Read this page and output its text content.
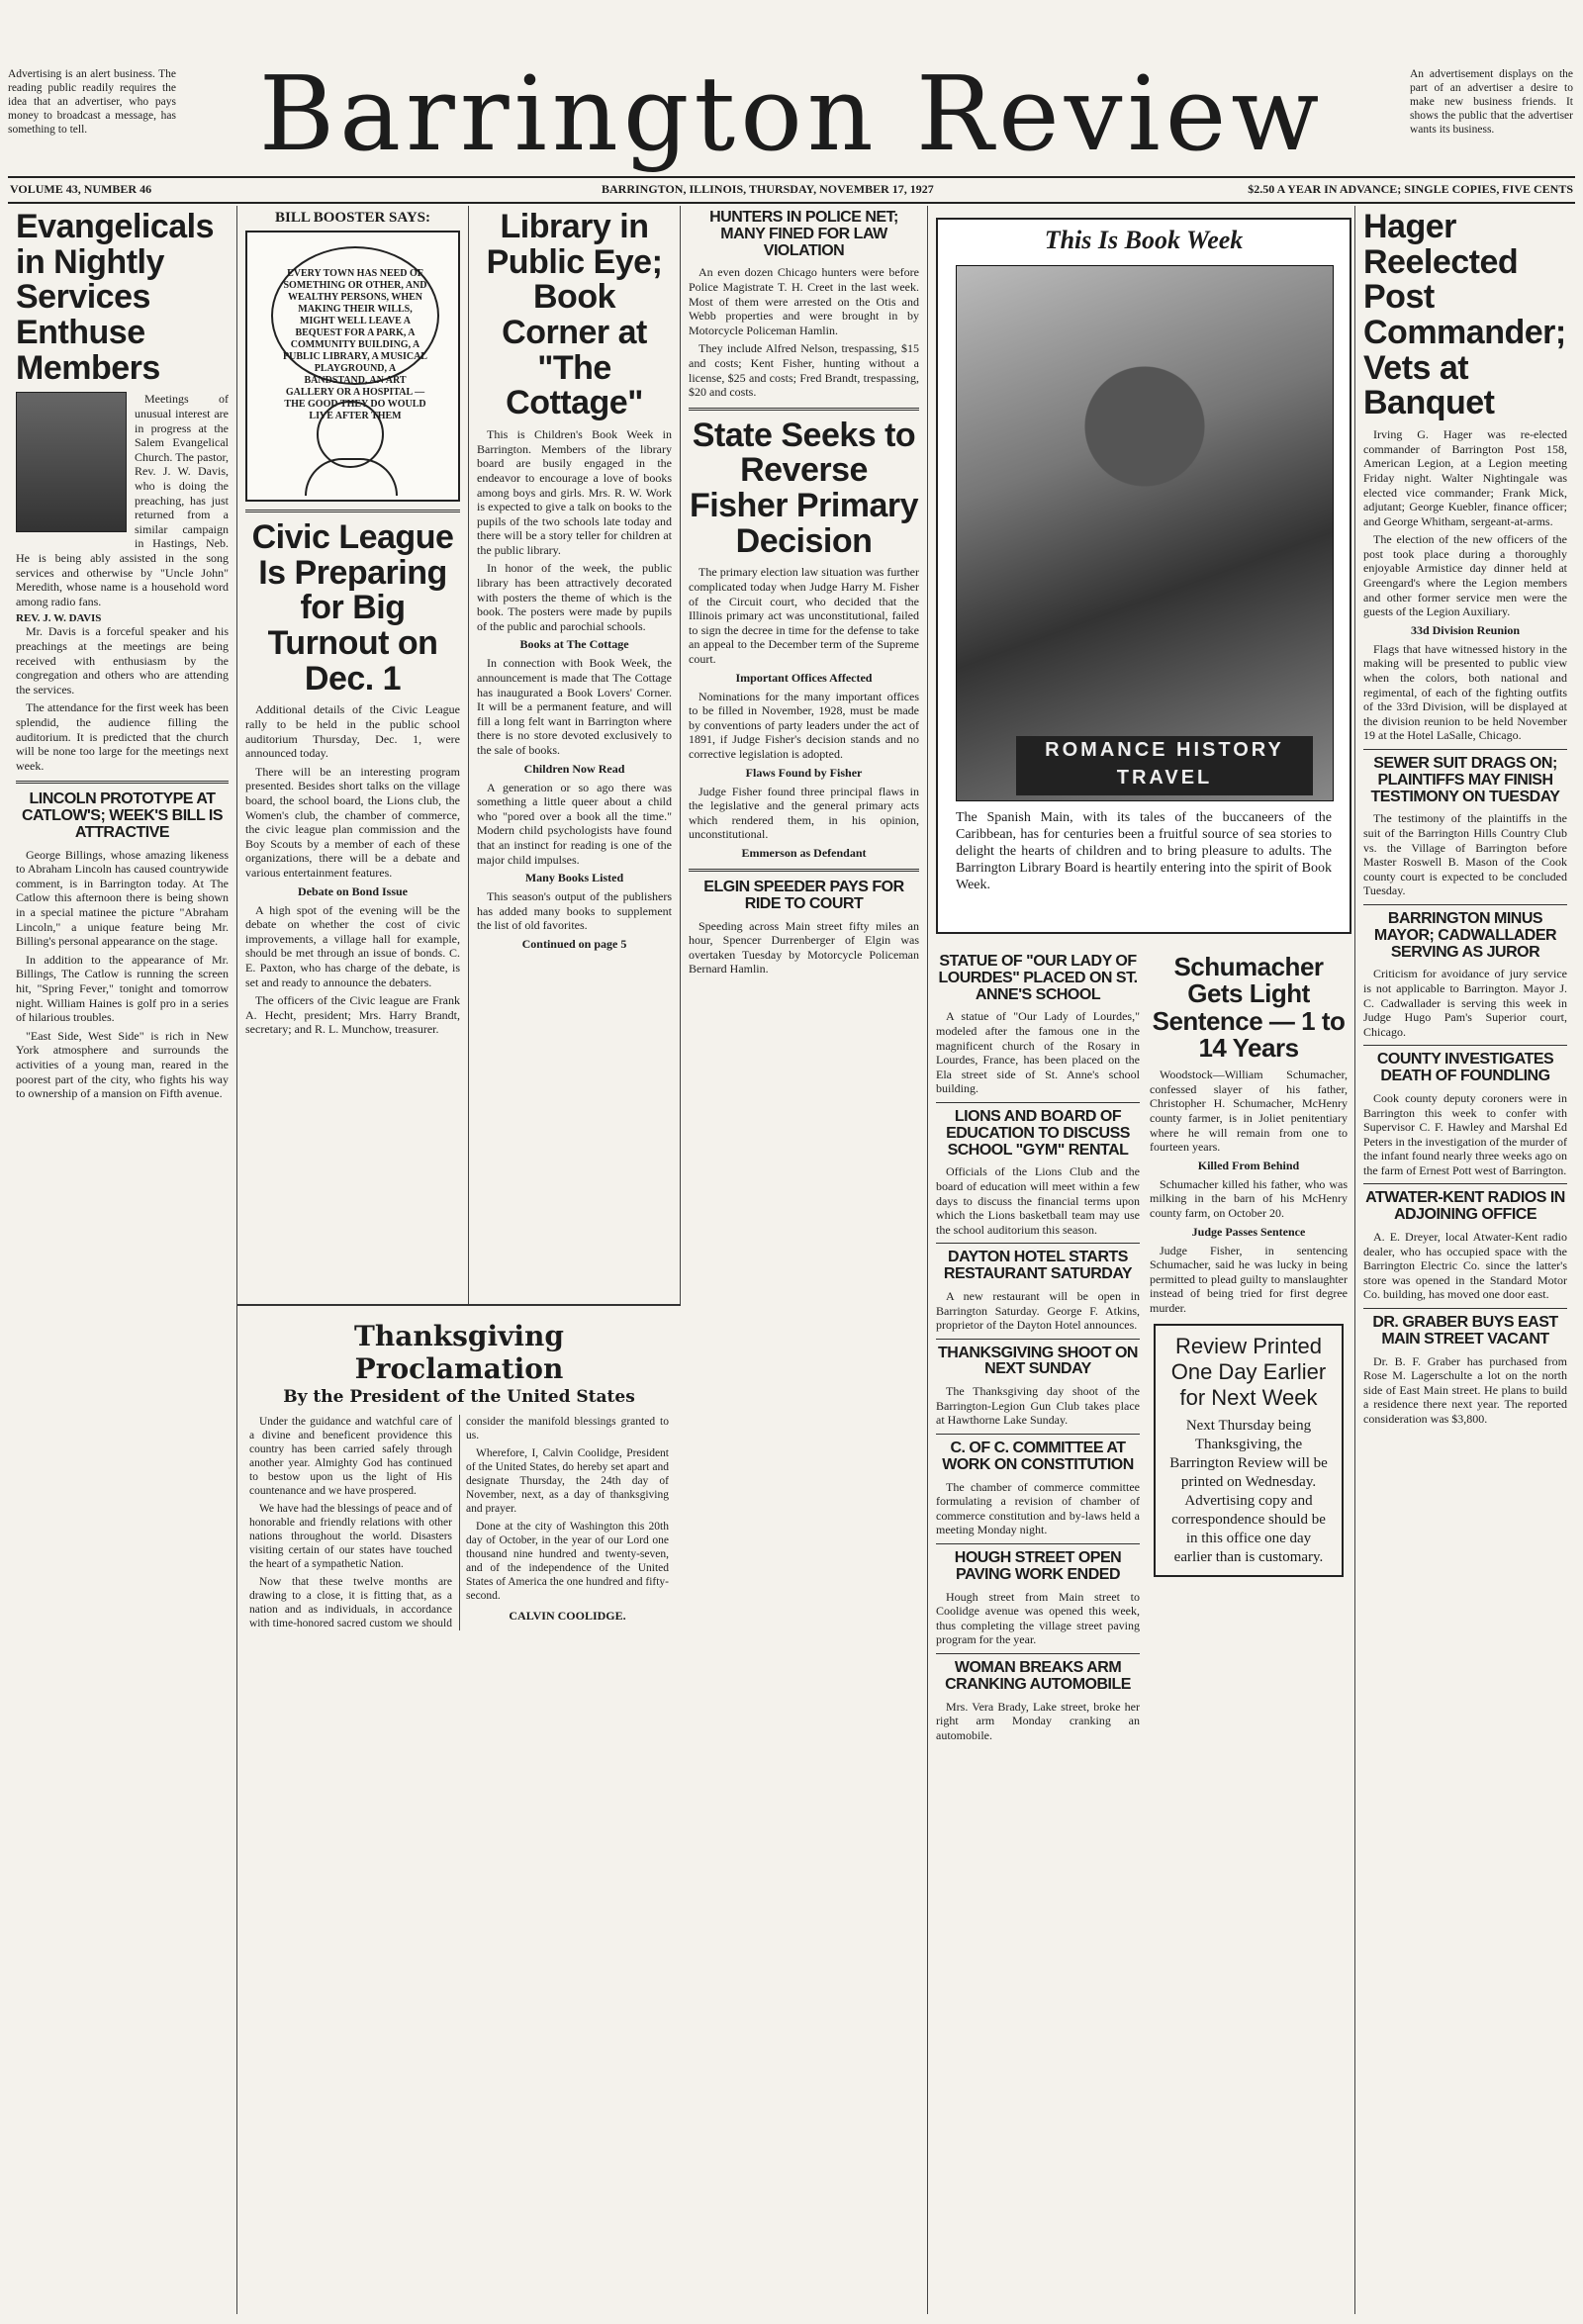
Advertising is an alert business. The reading public readily requires the idea that an advertiser, who pays money to broadcast a message, has something to tell.	Barrington Review	An advertisement displays on the part of an advertiser a desire to make new business friends. It shows the public that the advertiser wants its business.
VOLUME 43, NUMBER 46	BARRINGTON, ILLINOIS, THURSDAY, NOVEMBER 17, 1927	$2.50 A YEAR IN ADVANCE; SINGLE COPIES, FIVE CENTS
Evangelicals in Nightly Services Enthuse Members

Meetings of unusual interest are in progress at the Salem Evangelical Church. The pastor, Rev. J. W. Davis, who is doing the preaching, has just returned from a similar campaign in Hastings, Neb. He is being ably assisted in the song services and otherwise by "Uncle John" Meredith, whose name is a household word among radio fans.

REV. J. W. DAVIS

Mr. Davis is a forceful speaker and his preachings at the meetings are being received with enthusiasm by the congregation and others who are attending the services.

The attendance for the first week has been splendid, the audience filling the auditorium. It is predicted that the church will be none too large for the meetings next week.

LINCOLN PROTOTYPE AT CATLOW'S; WEEK'S BILL IS ATTRACTIVE

George Billings, whose amazing likeness to Abraham Lincoln has caused countrywide comment, is in Barrington today. At The Catlow this afternoon there is being shown in a special matinee the picture "Abraham Lincoln," a unique feature being Mr. Billing's personal appearance on the stage.

In addition to the appearance of Mr. Billings, The Catlow is running the screen hit, "Spring Fever," tonight and tomorrow night. William Haines is golf pro in a series of hilarious troubles.

"East Side, West Side" is rich in New York atmosphere and surrounds the activities of a young man, reared in the poorest part of the city, who fights his way to ownership of a mansion on Fifth avenue.

BILL BOOSTER SAYS:
EVERY TOWN HAS NEED OF SOMETHING OR OTHER, AND WEALTHY PERSONS, WHEN MAKING THEIR WILLS, MIGHT WELL LEAVE A BEQUEST FOR A PARK, A COMMUNITY BUILDING, A PUBLIC LIBRARY, A MUSICAL PLAYGROUND, A BANDSTAND, AN ART GALLERY OR A HOSPITAL — THE GOOD THEY DO WOULD LIVE AFTER THEM
Civic League Is Preparing for Big Turnout on Dec. 1

Additional details of the Civic League rally to be held in the public school auditorium Thursday, Dec. 1, were announced today.

There will be an interesting program presented. Besides short talks on the village board, the school board, the Lions club, the Women's club, the chamber of commerce, the civic league plan commission and the Boy Scouts by a member of each of these organizations, there will be a debate and various entertainment features.

Debate on Bond Issue

A high spot of the evening will be the debate on whether the cost of civic improvements, a village hall for example, should be met through an issue of bonds. C. E. Paxton, who has charge of the debate, is set and ready to announce the debaters.

The officers of the Civic league are Frank A. Hecht, president; Mrs. Harry Brandt, secretary; and R. L. Munchow, treasurer.

Library in Public Eye; Book Corner at "The Cottage"

This is Children's Book Week in Barrington. Members of the library board are busily engaged in the endeavor to encourage a love of books among boys and girls. Mrs. R. W. Work is expected to give a talk on books to the pupils of the two schools late today and there will be a story teller for children at the public library.

In honor of the week, the public library has been attractively decorated with posters the theme of which is the book. The posters were made by pupils of the public and parochial schools.

Books at The Cottage

In connection with Book Week, the announcement is made that The Cottage has inaugurated a Book Lovers' Corner. It will be a permanent feature, and will fill a long felt want in Barrington where there is no store devoted exclusively to the sale of books.

Children Now Read

A generation or so ago there was something a little queer about a child who "pored over a book all the time." Modern child psychologists have found that an instinct for reading is one of the major child impulses.

Many Books Listed

This season's output of the publishers has added many books to supplement the list of old favorites.

Continued on page 5
Thanksgiving Proclamation
By the President of the United States

Under the guidance and watchful care of a divine and beneficent providence this country has been carried safely through another year. Almighty God has continued to bestow upon us the light of His countenance and we have prospered.

We have had the blessings of peace and of honorable and friendly relations with other nations throughout the world. Disasters visiting certain of our states have touched the heart of a sympathetic Nation.

Now that these twelve months are drawing to a close, it is fitting that, as a nation and as individuals, in accordance with time-honored sacred custom we should consider the manifold blessings granted to us.

Wherefore, I, Calvin Coolidge, President of the United States, do hereby set apart and designate Thursday, the 24th day of November, next, as a day of thanksgiving and prayer.

Done at the city of Washington this 20th day of October, in the year of our Lord one thousand nine hundred and twenty-seven, and of the independence of the United States of America the one hundred and fifty-second.

CALVIN COOLIDGE.
HUNTERS IN POLICE NET; MANY FINED FOR LAW VIOLATION

An even dozen Chicago hunters were before Police Magistrate T. H. Creet in the last week. Most of them were arrested on the Otis and Webb properties and were brought in by Motorcycle Policeman Hamlin.

They include Alfred Nelson, trespassing, $15 and costs; Kent Fisher, hunting without a license, $25 and costs; Fred Brandt, trespassing, $20 and costs.

State Seeks to Reverse Fisher Primary Decision

The primary election law situation was further complicated today when Judge Harry M. Fisher of the Circuit court, who decided that the Illinois primary act was unconstitutional, failed to sign the decree in time for the defense to take an appeal to the December term of the Supreme court.

Important Offices Affected

Nominations for the many important offices to be filled in November, 1928, must be made by conventions of party leaders under the act of 1891, if Judge Fisher's decision stands and no corrective legislation is adopted.

Flaws Found by Fisher

Judge Fisher found three principal flaws in the legislative and the general primary acts which rendered them, in his opinion, unconstitutional.

Emmerson as Defendant
ELGIN SPEEDER PAYS FOR RIDE TO COURT

Speeding across Main street fifty miles an hour, Spencer Durrenberger of Elgin was overtaken Tuesday by Motorcycle Policeman Bernard Hamlin.

This Is Book Week
ROMANCE HISTORY TRAVEL
The Spanish Main, with its tales of the buccaneers of the Caribbean, has for centuries been a fruitful source of sea stories to delight the hearts of children and to bring pleasure to adults. The Barrington Library Board is heartily entering into the spirit of Book Week.
STATUE OF "OUR LADY OF LOURDES" PLACED ON ST. ANNE'S SCHOOL

A statue of "Our Lady of Lourdes," modeled after the famous one in the magnificent church of the Rosary in Lourdes, France, has been placed on the Ela street side of St. Anne's school building.

LIONS AND BOARD OF EDUCATION TO DISCUSS SCHOOL "GYM" RENTAL

Officials of the Lions Club and the board of education will meet within a few days to discuss the financial terms upon which the Lions basketball team may use the school auditorium this season.

DAYTON HOTEL STARTS RESTAURANT SATURDAY

A new restaurant will be open in Barrington Saturday. George F. Atkins, proprietor of the Dayton Hotel announces.

THANKSGIVING SHOOT ON NEXT SUNDAY

The Thanksgiving day shoot of the Barrington-Legion Gun Club takes place at Hawthorne Lake Sunday.

C. OF C. COMMITTEE AT WORK ON CONSTITUTION

The chamber of commerce committee formulating a revision of chamber of commerce constitution and by-laws held a meeting Monday night.

HOUGH STREET OPEN PAVING WORK ENDED

Hough street from Main street to Coolidge avenue was opened this week, thus completing the village street paving program for the year.

WOMAN BREAKS ARM CRANKING AUTOMOBILE

Mrs. Vera Brady, Lake street, broke her right arm Monday cranking an automobile.

Schumacher Gets Light Sentence — 1 to 14 Years

Woodstock—William Schumacher, confessed slayer of his father, Christopher H. Schumacher, McHenry county farmer, is in Joliet penitentiary where he will remain from one to fourteen years.

Killed From Behind

Schumacher killed his father, who was milking in the barn of his McHenry county farm, on October 20.

Judge Passes Sentence

Judge Fisher, in sentencing Schumacher, said he was lucky in being permitted to plead guilty to manslaughter instead of being tried for first degree murder.

Review Printed One Day Earlier for Next Week
Next Thursday being Thanksgiving, the Barrington Review will be printed on Wednesday. Advertising copy and correspondence should be in this office one day earlier than is customary.
Hager Reelected Post Commander; Vets at Banquet

Irving G. Hager was re-elected commander of Barrington Post 158, American Legion, at a Legion meeting Friday night. Walter Nightingale was elected vice commander; Frank Mick, adjutant; George Kuebler, finance officer; and George Whitham, sergeant-at-arms.

The election of the new officers of the post took place during a thoroughly enjoyable Armistice day dinner held at Greengard's where the Legion members and other former service men were the guests of the Legion Auxiliary.

33d Division Reunion

Flags that have witnessed history in the making will be presented to public view when the colors, both national and regimental, of each of the fighting outfits of the 33rd Division, will be displayed at the division reunion to be held November 19 at the Hotel LaSalle, Chicago.

SEWER SUIT DRAGS ON; PLAINTIFFS MAY FINISH TESTIMONY ON TUESDAY

The testimony of the plaintiffs in the suit of the Barrington Hills Country Club vs. the Village of Barrington before Master Roswell B. Mason of the Cook county court is expected to be concluded Tuesday.

BARRINGTON MINUS MAYOR; CADWALLADER SERVING AS JUROR

Criticism for avoidance of jury service is not applicable to Barrington. Mayor J. C. Cadwallader is serving this week in Judge Hugo Pam's Superior court, Chicago.

COUNTY INVESTIGATES DEATH OF FOUNDLING

Cook county deputy coroners were in Barrington this week to confer with Supervisor C. F. Hawley and Marshal Ed Peters in the investigation of the murder of the infant found nearly three weeks ago on the farm of Ernest Pott west of Barrington.

ATWATER-KENT RADIOS IN ADJOINING OFFICE

A. E. Dreyer, local Atwater-Kent radio dealer, who has occupied space with the Barrington Electric Co. since the latter's store was opened in the Standard Motor Co. building, has moved one door east.

DR. GRABER BUYS EAST MAIN STREET VACANT

Dr. B. F. Graber has purchased from Rose M. Lagerschulte a lot on the north side of East Main street. He plans to build a residence there next year. The reported consideration was $3,800.
